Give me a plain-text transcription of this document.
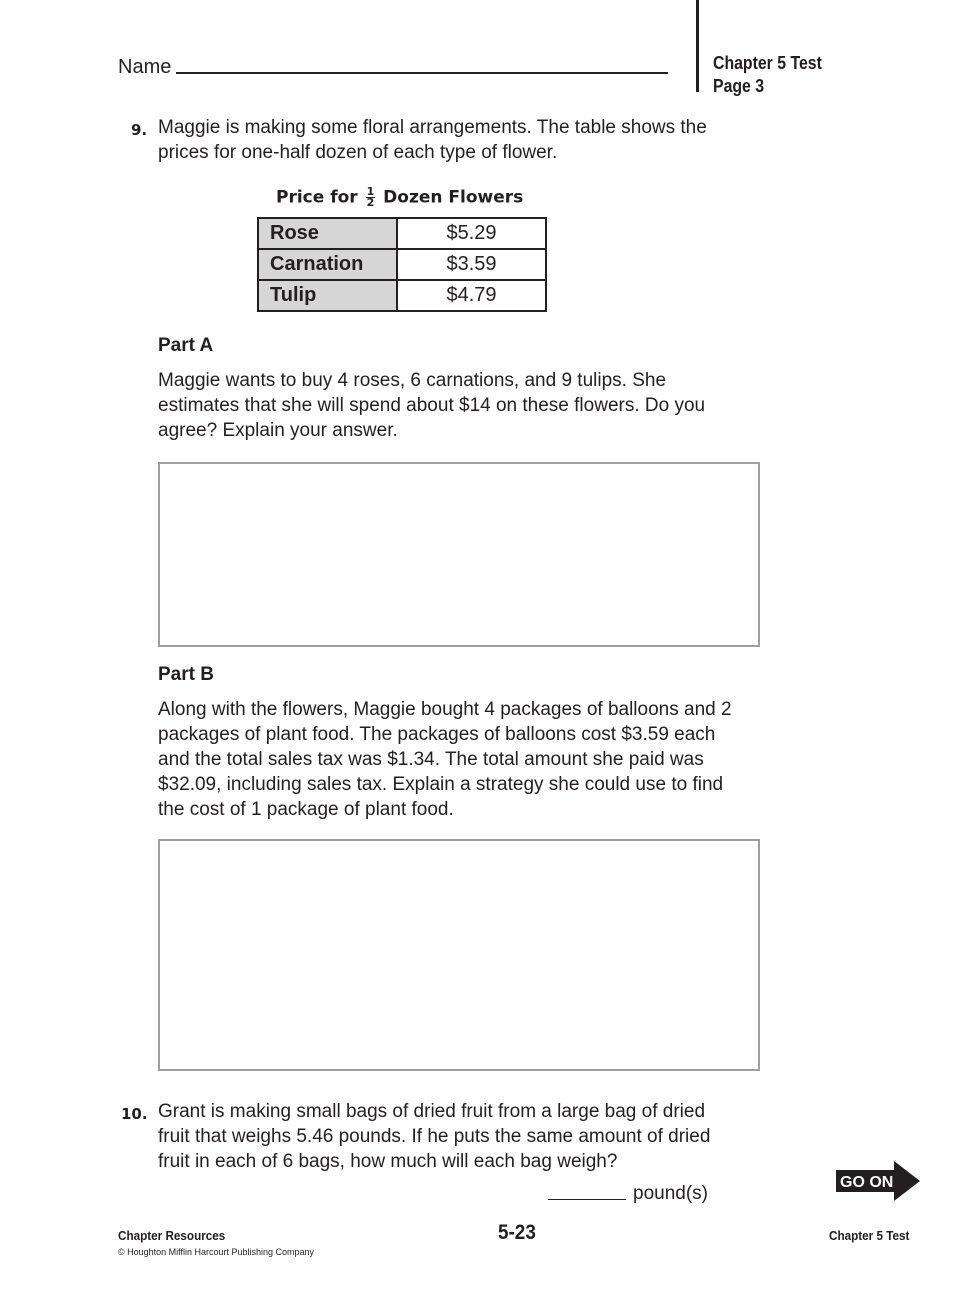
Name	Chapter 5 Test
Page 3
9. Maggie is making some floral arrangements. The table shows the prices for one-half dozen of each type of flower.
Price for $\frac{1}{2}$ Dozen Flowers
Rose	$5.29
Carnation	$3.59
Tulip	$4.79
Part A
Maggie wants to buy 4 roses, 6 carnations, and 9 tulips. She estimates that she will spend about $14 on these flowers. Do you agree? Explain your answer.
Part B
Along with the flowers, Maggie bought 4 packages of balloons and 2 packages of plant food. The packages of balloons cost $3.59 each and the total sales tax was $1.34. The total amount she paid was $32.09, including sales tax. Explain a strategy she could use to find the cost of 1 package of plant food.
10. Grant is making small bags of dried fruit from a large bag of dried fruit that weighs 5.46 pounds. If he puts the same amount of dried fruit in each of 6 bags, how much will each bag weigh?
pound(s)
GO ON
Chapter Resources
© Houghton Mifflin Harcourt Publishing Company
5-23	Chapter 5 Test
